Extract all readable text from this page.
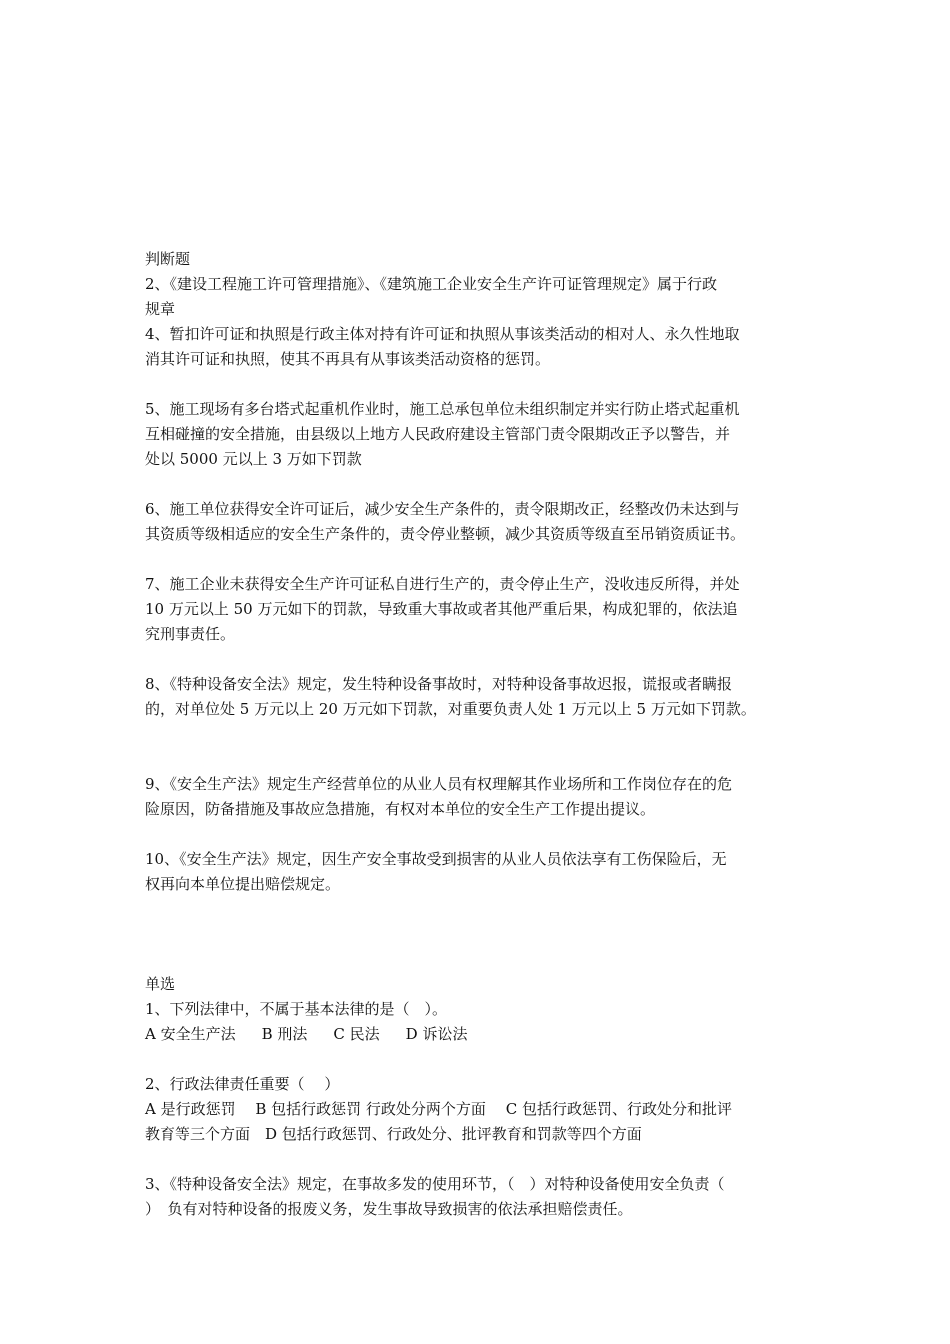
判断题
2、《建设工程施工许可管理措施》、《建筑施工企业安全生产许可证管理规定》属于行政
规章
4、暂扣许可证和执照是行政主体对持有许可证和执照从事该类活动的相对人、永久性地取
消其许可证和执照，使其不再具有从事该类活动资格的惩罚。
5、施工现场有多台塔式起重机作业时，施工总承包单位未组织制定并实行防止塔式起重机
互相碰撞的安全措施，由县级以上地方人民政府建设主管部门责令限期改正予以警告，并
处以 5000 元以上 3 万如下罚款
6、施工单位获得安全许可证后，减少安全生产条件的，责令限期改正，经整改仍未达到与
其资质等级相适应的安全生产条件的，责令停业整顿，减少其资质等级直至吊销资质证书。
7、施工企业未获得安全生产许可证私自进行生产的，责令停止生产，没收违反所得，并处
10 万元以上 50 万元如下的罚款，导致重大事故或者其他严重后果，构成犯罪的，依法追
究刑事责任。
8、《特种设备安全法》规定，发生特种设备事故时，对特种设备事故迟报，谎报或者瞒报
的，对单位处 5 万元以上 20 万元如下罚款，对重要负责人处 1 万元以上 5 万元如下罚款。
9、《安全生产法》规定生产经营单位的从业人员有权理解其作业场所和工作岗位存在的危
险原因，防备措施及事故应急措施，有权对本单位的安全生产工作提出提议。
10、《安全生产法》规定，因生产安全事故受到损害的从业人员依法享有工伤保险后，无
权再向本单位提出赔偿规定。
单选
1、下列法律中，不属于基本法律的是（　）。
A 安全生产法 B 刑法 C 民法 D 诉讼法
2、行政法律责任重要（　 ）
A 是行政惩罚　 B 包括行政惩罚 行政处分两个方面　 C 包括行政惩罚、行政处分和批评
教育等三个方面　D 包括行政惩罚、行政处分、批评教育和罚款等四个方面
3、《特种设备安全法》规定，在事故多发的使用环节，（　）对特种设备使用安全负责（
）　负有对特种设备的报废义务，发生事故导致损害的依法承担赔偿责任。
